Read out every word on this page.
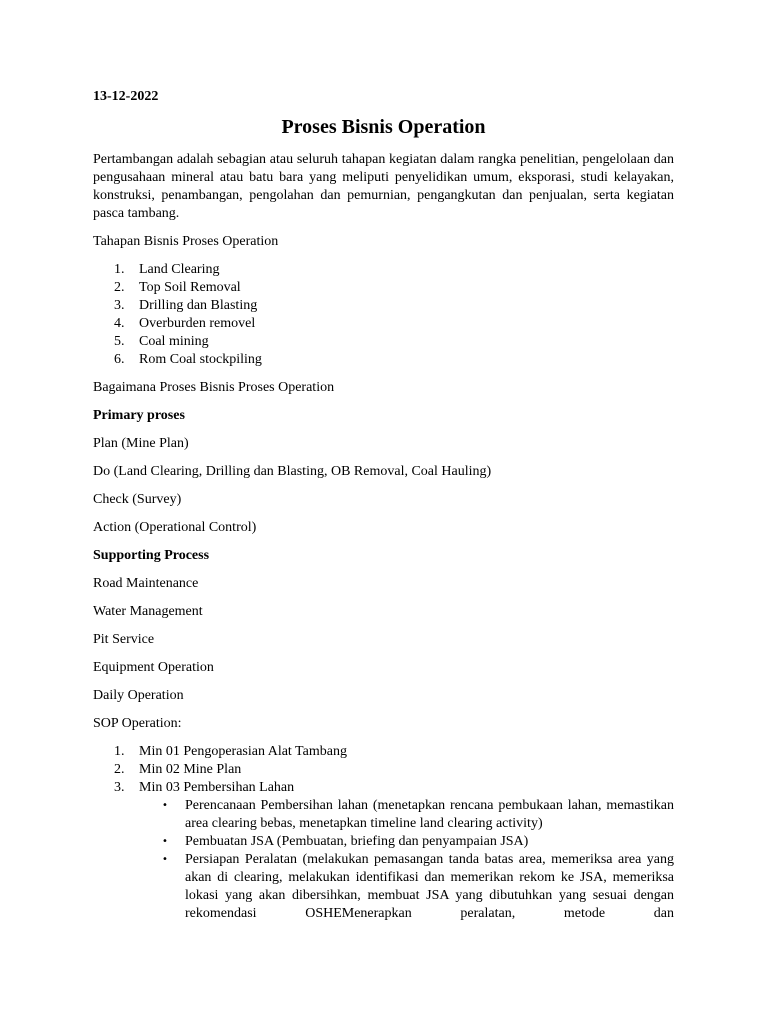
13-12-2022
Proses Bisnis Operation
Pertambangan adalah sebagian atau seluruh tahapan kegiatan dalam rangka penelitian, pengelolaan dan pengusahaan mineral atau batu bara yang meliputi penyelidikan umum, eksporasi, studi kelayakan, konstruksi, penambangan, pengolahan dan pemurnian, pengangkutan dan penjualan, serta kegiatan pasca tambang.
Tahapan Bisnis Proses Operation
1. Land Clearing
2. Top Soil Removal
3. Drilling dan Blasting
4. Overburden removel
5. Coal mining
6. Rom Coal stockpiling
Bagaimana Proses Bisnis Proses Operation
Primary proses
Plan (Mine Plan)
Do (Land Clearing, Drilling dan Blasting, OB Removal, Coal Hauling)
Check (Survey)
Action (Operational Control)
Supporting Process
Road Maintenance
Water Management
Pit Service
Equipment Operation
Daily Operation
SOP Operation:
1. Min 01 Pengoperasian Alat Tambang
2. Min 02 Mine Plan
3. Min 03 Pembersihan Lahan
• Perencanaan Pembersihan lahan (menetapkan rencana pembukaan lahan, memastikan area clearing bebas, menetapkan timeline land clearing activity)
• Pembuatan JSA (Pembuatan, briefing dan penyampaian JSA)
• Persiapan Peralatan (melakukan pemasangan tanda batas area, memeriksa area yang akan di clearing, melakukan identifikasi dan memerikan rekom ke JSA, memeriksa lokasi yang akan dibersihkan, membuat JSA yang dibutuhkan yang sesuai dengan rekomendasi OSHEMenerapkan peralatan, metode dan
